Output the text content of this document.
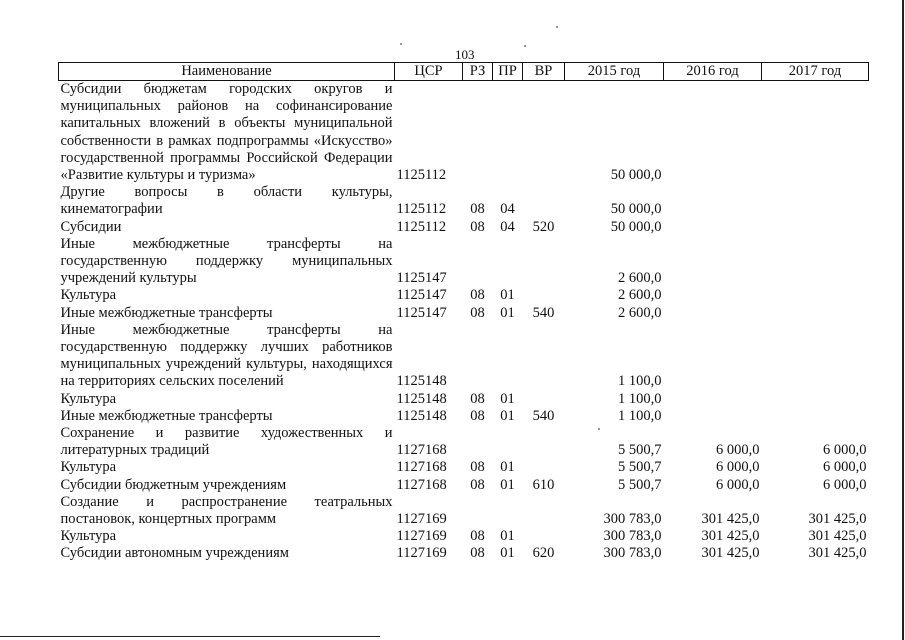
103
Наименование	ЦСР	РЗ	ПР	ВР	2015 год	2016 год	2017 год
Субсидии бюджетам городских округов и муниципальных районов на софинансирование капитальных вложений в объекты муниципальной собственности в рамках подпрограммы «Искусство» государственной программы Российской Федерации «Развитие культуры и туризма»	1125112				50 000,0		
Другие вопросы в области культуры, кинематографии	1125112	08	04		50 000,0		
Субсидии	1125112	08	04	520	50 000,0		
Иные межбюджетные трансферты на государственную поддержку муниципальных учреждений культуры	1125147				2 600,0		
Культура	1125147	08	01		2 600,0		
Иные межбюджетные трансферты	1125147	08	01	540	2 600,0		
Иные межбюджетные трансферты на государственную поддержку лучших работников муниципальных учреждений культуры, находящихся на территориях сельских поселений	1125148				1 100,0		
Культура	1125148	08	01		1 100,0		
Иные межбюджетные трансферты	1125148	08	01	540	1 100,0		
Сохранение и развитие художественных и литературных традиций	1127168				5 500,7	6 000,0	6 000,0
Культура	1127168	08	01		5 500,7	6 000,0	6 000,0
Субсидии бюджетным учреждениям	1127168	08	01	610	5 500,7	6 000,0	6 000,0
Создание и распространение театральных постановок, концертных программ	1127169				300 783,0	301 425,0	301 425,0
Культура	1127169	08	01		300 783,0	301 425,0	301 425,0
Субсидии автономным учреждениям	1127169	08	01	620	300 783,0	301 425,0	301 425,0
